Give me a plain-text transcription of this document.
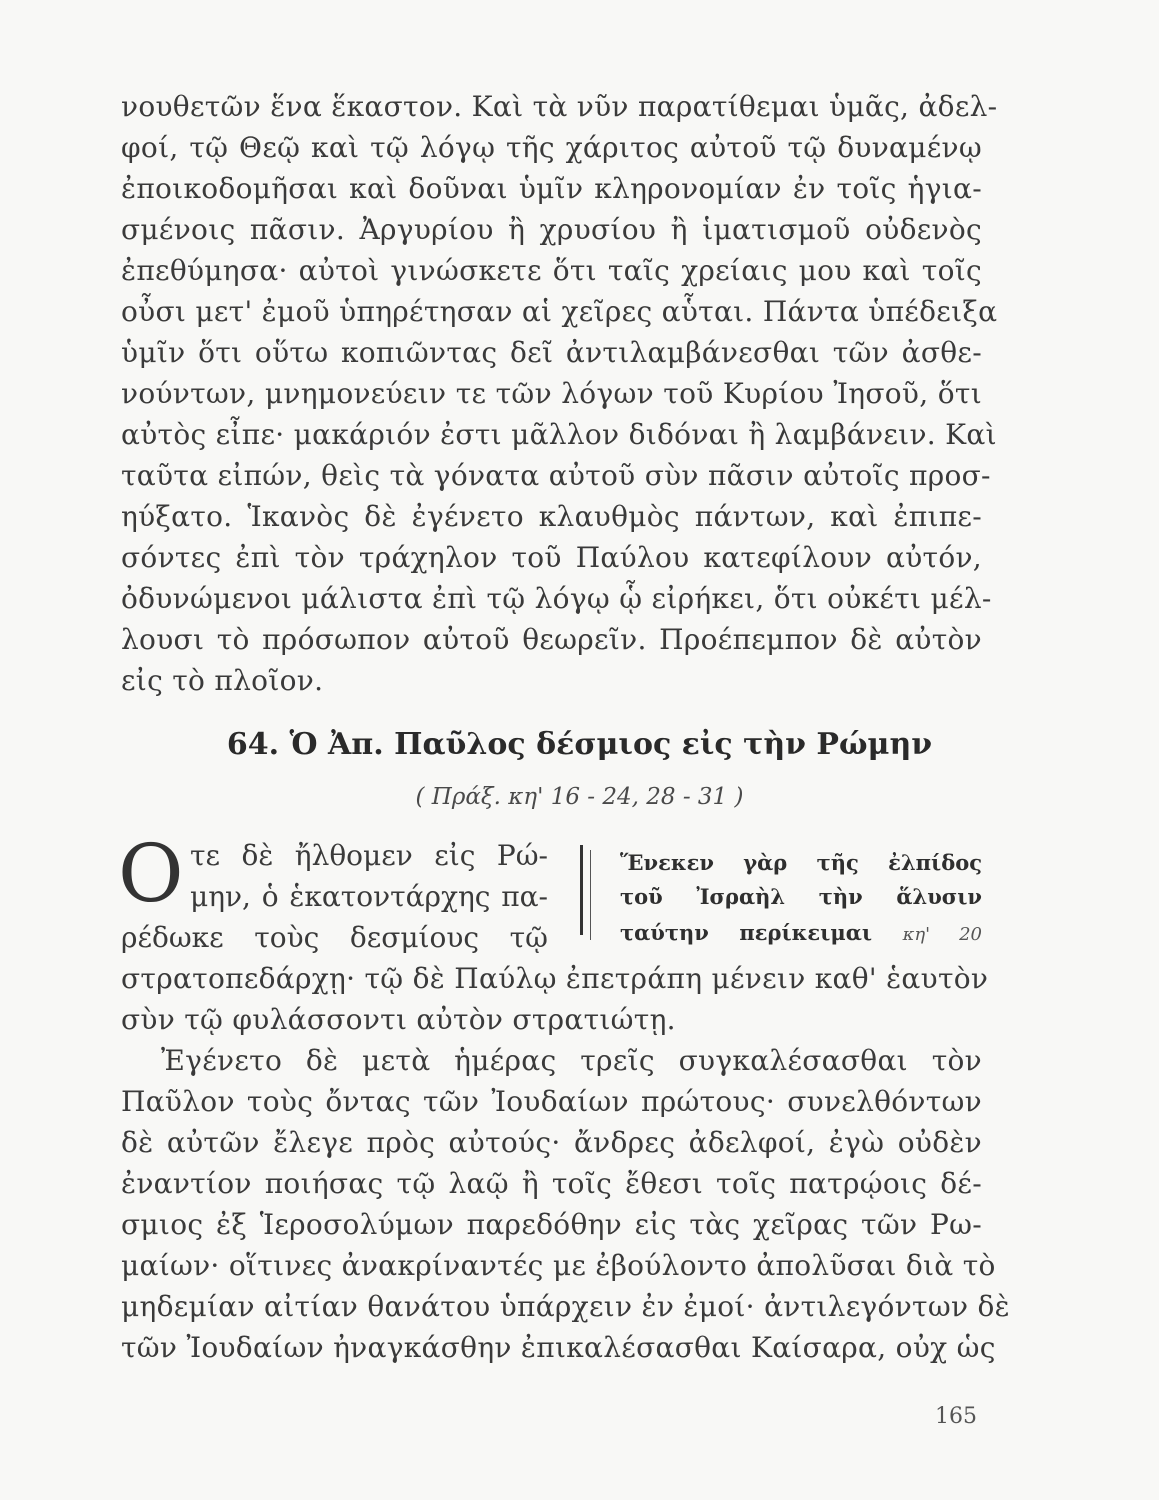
νουθετῶν ἕνα ἕκαστον. Καὶ τὰ νῦν παρατίθεμαι ὑμᾶς, ἀδελ-
φοί, τῷ Θεῷ καὶ τῷ λόγῳ τῆς χάριτος αὐτοῦ τῷ δυναμένῳ
ἐποικοδομῆσαι καὶ δοῦναι ὑμῖν κληρονομίαν ἐν τοῖς ἡγια-
σμένοις πᾶσιν. Ἀργυρίου ἢ χρυσίου ἢ ἱματισμοῦ οὐδενὸς
ἐπεθύμησα· αὐτοὶ γινώσκετε ὅτι ταῖς χρείαις μου καὶ τοῖς
οὖσι μετ' ἐμοῦ ὑπηρέτησαν αἱ χεῖρες αὗται. Πάντα ὑπέδειξα
ὑμῖν ὅτι οὕτω κοπιῶντας δεῖ ἀντιλαμβάνεσθαι τῶν ἀσθε-
νούντων, μνημονεύειν τε τῶν λόγων τοῦ Κυρίου Ἰησοῦ, ὅτι
αὐτὸς εἶπε· μακάριόν ἐστι μᾶλλον διδόναι ἢ λαμβάνειν. Καὶ
ταῦτα εἰπών, θεὶς τὰ γόνατα αὐτοῦ σὺν πᾶσιν αὐτοῖς προσ-
ηύξατο. Ἱκανὸς δὲ ἐγένετο κλαυθμὸς πάντων, καὶ ἐπιπε-
σόντες ἐπὶ τὸν τράχηλον τοῦ Παύλου κατεφίλουν αὐτόν,
ὀδυνώμενοι μάλιστα ἐπὶ τῷ λόγῳ ᾧ εἰρήκει, ὅτι οὐκέτι μέλ-
λουσι τὸ πρόσωπον αὐτοῦ θεωρεῖν. Προέπεμπον δὲ αὐτὸν
εἰς τὸ πλοῖον.
64. Ὁ Ἀπ. Παῦλος δέσμιος εἰς τὴν Ρώμην
( Πράξ. κη' 16 - 24, 28 - 31 )
Ο τε δὲ ἤλθομεν εἰς Ρώ-
μην, ὁ ἑκατοντάρχης πα-
ρέδωκε τοὺς δεσμίους τῷ
Ἕνεκεν γὰρ τῆς ἐλπίδος
τοῦ Ἰσραὴλ τὴν ἅλυσιν
ταύτην περίκειμαι κη' 20
στρατοπεδάρχῃ· τῷ δὲ Παύλῳ ἐπετράπη μένειν καθ' ἑαυτὸν
σὺν τῷ φυλάσσοντι αὐτὸν στρατιώτῃ.
Ἐγένετο δὲ μετὰ ἡμέρας τρεῖς συγκαλέσασθαι τὸν
Παῦλον τοὺς ὄντας τῶν Ἰουδαίων πρώτους· συνελθόντων
δὲ αὐτῶν ἔλεγε πρὸς αὐτούς· ἄνδρες ἀδελφοί, ἐγὼ οὐδὲν
ἐναντίον ποιήσας τῷ λαῷ ἢ τοῖς ἔθεσι τοῖς πατρῴοις δέ-
σμιος ἐξ Ἱεροσολύμων παρεδόθην εἰς τὰς χεῖρας τῶν Ρω-
μαίων· οἵτινες ἀνακρίναντές με ἐβούλοντο ἀπολῦσαι διὰ τὸ
μηδεμίαν αἰτίαν θανάτου ὑπάρχειν ἐν ἐμοί· ἀντιλεγόντων δὲ
τῶν Ἰουδαίων ἠναγκάσθην ἐπικαλέσασθαι Καίσαρα, οὐχ ὡς
165
